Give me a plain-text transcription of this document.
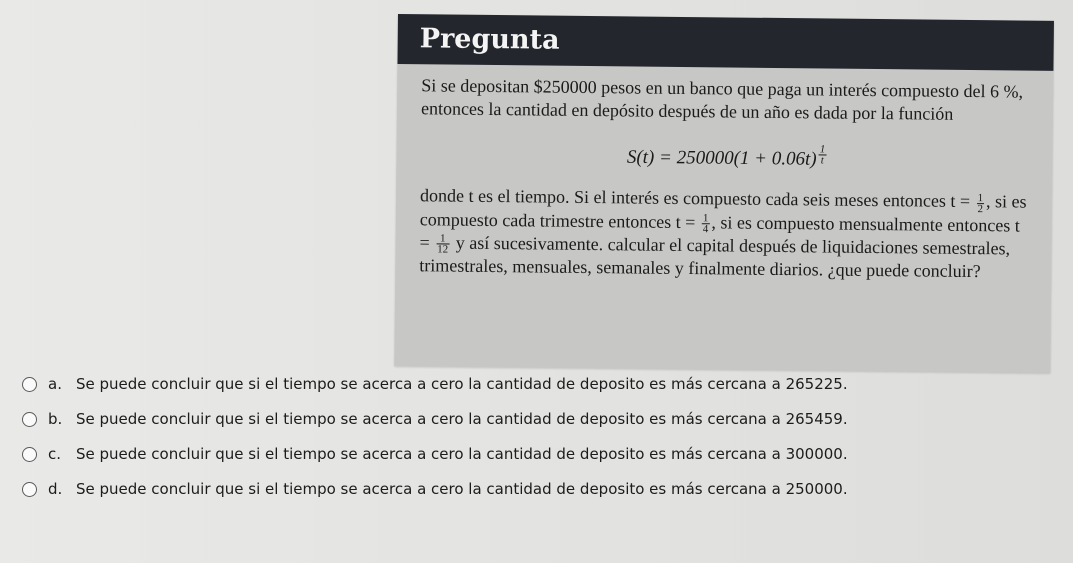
Pregunta

Si se depositan $250000 pesos en un banco que paga un interés compuesto del 6 %, entonces la cantidad en depósito después de un año es dada por la función

S(t) = 250000(1 + 0.06t) $^{\frac{1}{t}}$

donde t es el tiempo. Si el interés es compuesto cada seis meses entonces $t = \frac{1}{2}$ , si es compuesto cada trimestre entonces $t = \frac{1}{4}$ , si es compuesto mensualmente entonces $t = \frac{1}{12}$ y así sucesivamente. calcular el capital después de liquidaciones semestrales, trimestrales, mensuales, semanales y finalmente diarios. ¿que puede concluir?

a. Se puede concluir que si el tiempo se acerca a cero la cantidad de deposito es más cercana a 265225.
b. Se puede concluir que si el tiempo se acerca a cero la cantidad de deposito es más cercana a 265459.
c. Se puede concluir que si el tiempo se acerca a cero la cantidad de deposito es más cercana a 300000.
d. Se puede concluir que si el tiempo se acerca a cero la cantidad de deposito es más cercana a 250000.
